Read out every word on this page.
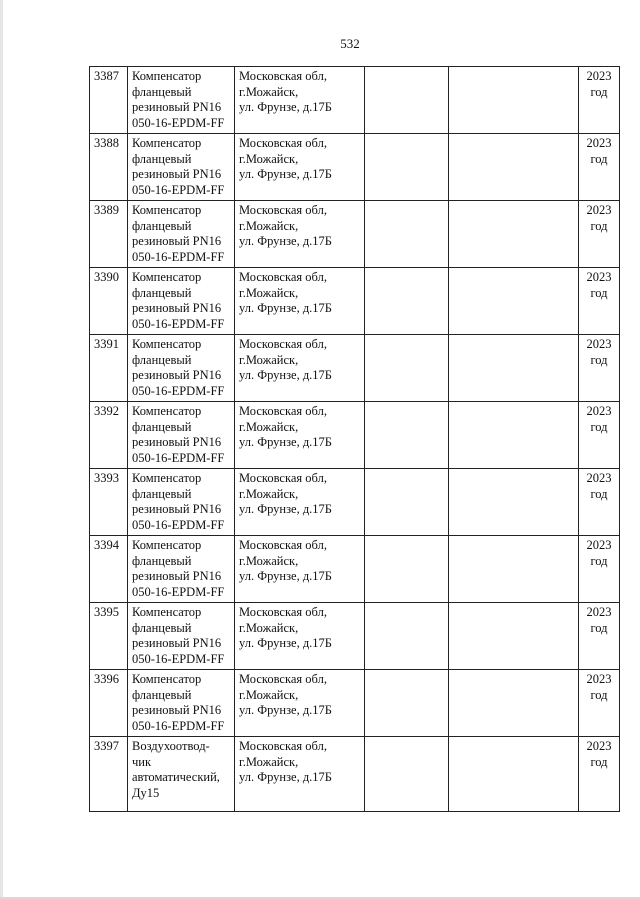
532
3387	Компенсатор
фланцевый
резиновый PN16
050-16-EPDM-FF	Московская обл,
г.Можайск,
ул. Фрунзе, д.17Б			2023
год

3388	Компенсатор
фланцевый
резиновый PN16
050-16-EPDM-FF	Московская обл,
г.Можайск,
ул. Фрунзе, д.17Б			2023
год

3389	Компенсатор
фланцевый
резиновый PN16
050-16-EPDM-FF	Московская обл,
г.Можайск,
ул. Фрунзе, д.17Б			2023
год

3390	Компенсатор
фланцевый
резиновый PN16
050-16-EPDM-FF	Московская обл,
г.Можайск,
ул. Фрунзе, д.17Б			2023
год

3391	Компенсатор
фланцевый
резиновый PN16
050-16-EPDM-FF	Московская обл,
г.Можайск,
ул. Фрунзе, д.17Б			2023
год

3392	Компенсатор
фланцевый
резиновый PN16
050-16-EPDM-FF	Московская обл,
г.Можайск,
ул. Фрунзе, д.17Б			2023
год

3393	Компенсатор
фланцевый
резиновый PN16
050-16-EPDM-FF	Московская обл,
г.Можайск,
ул. Фрунзе, д.17Б			2023
год

3394	Компенсатор
фланцевый
резиновый PN16
050-16-EPDM-FF	Московская обл,
г.Можайск,
ул. Фрунзе, д.17Б			2023
год

3395	Компенсатор
фланцевый
резиновый PN16
050-16-EPDM-FF	Московская обл,
г.Можайск,
ул. Фрунзе, д.17Б			2023
год

3396	Компенсатор
фланцевый
резиновый PN16
050-16-EPDM-FF	Московская обл,
г.Можайск,
ул. Фрунзе, д.17Б			2023
год

3397	Воздухоотвод-
чик
автоматический,
Ду15	Московская обл,
г.Можайск,
ул. Фрунзе, д.17Б			2023
год
